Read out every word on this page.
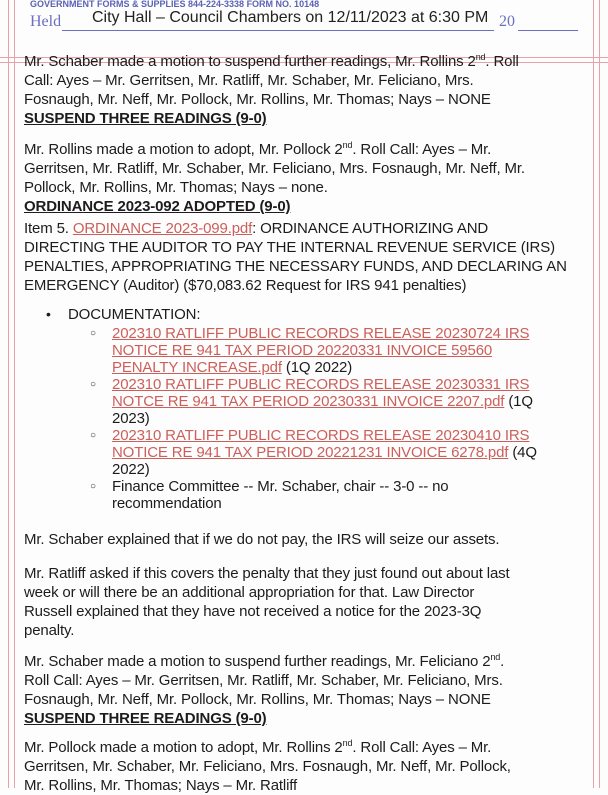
GOVERNMENT FORMS & SUPPLIES 844-224-3338 FORM NO. 10148
City Hall – Council Chambers on 12/11/2023 at 6:30 PM
Held	20
Mr. Schaber made a motion to suspend further readings, Mr. Rollins 2nd. Roll
Call: Ayes – Mr. Gerritsen, Mr. Ratliff, Mr. Schaber, Mr. Feliciano, Mrs.
Fosnaugh, Mr. Neff, Mr. Pollock, Mr. Rollins, Mr. Thomas; Nays – NONE
SUSPEND THREE READINGS (9-0)
Mr. Rollins made a motion to adopt, Mr. Pollock 2nd. Roll Call: Ayes – Mr.
Gerritsen, Mr. Ratliff, Mr. Schaber, Mr. Feliciano, Mrs. Fosnaugh, Mr. Neff, Mr.
Pollock, Mr. Rollins, Mr. Thomas; Nays – none.
ORDINANCE 2023-092 ADOPTED (9-0)
Item 5. ORDINANCE 2023-099.pdf: ORDINANCE AUTHORIZING AND
DIRECTING THE AUDITOR TO PAY THE INTERNAL REVENUE SERVICE (IRS)
PENALTIES, APPROPRIATING THE NECESSARY FUNDS, AND DECLARING AN
EMERGENCY (Auditor) ($70,083.62 Request for IRS 941 penalties)
DOCUMENTATION:
•
Mr. Schaber explained that if we do not pay, the IRS will seize our assets.
Mr. Ratliff asked if this covers the penalty that they just found out about last
week or will there be an additional appropriation for that. Law Director
Russell explained that they have not received a notice for the 2023-3Q
penalty.
Mr. Schaber made a motion to suspend further readings, Mr. Feliciano 2nd.
Roll Call: Ayes – Mr. Gerritsen, Mr. Ratliff, Mr. Schaber, Mr. Feliciano, Mrs.
Fosnaugh, Mr. Neff, Mr. Pollock, Mr. Rollins, Mr. Thomas; Nays – NONE
SUSPEND THREE READINGS (9-0)
Mr. Pollock made a motion to adopt, Mr. Rollins 2nd. Roll Call: Ayes – Mr.
Gerritsen, Mr. Schaber, Mr. Feliciano, Mrs. Fosnaugh, Mr. Neff, Mr. Pollock,
Mr. Rollins, Mr. Thomas; Nays – Mr. Ratliff
○ 202310 RATLIFF PUBLIC RECORDS RELEASE 20230724 IRS
NOTICE RE 941 TAX PERIOD 20220331 INVOICE 59560
PENALTY INCREASE.pdf (1Q 2022)
○ 202310 RATLIFF PUBLIC RECORDS RELEASE 20230331 IRS
NOTCE RE 941 TAX PERIOD 20230331 INVOICE 2207.pdf (1Q
2023)
○ 202310 RATLIFF PUBLIC RECORDS RELEASE 20230410 IRS
NOTICE RE 941 TAX PERIOD 20221231 INVOICE 6278.pdf (4Q
2022)
○ Finance Committee -- Mr. Schaber, chair -- 3-0 -- no
recommendation
